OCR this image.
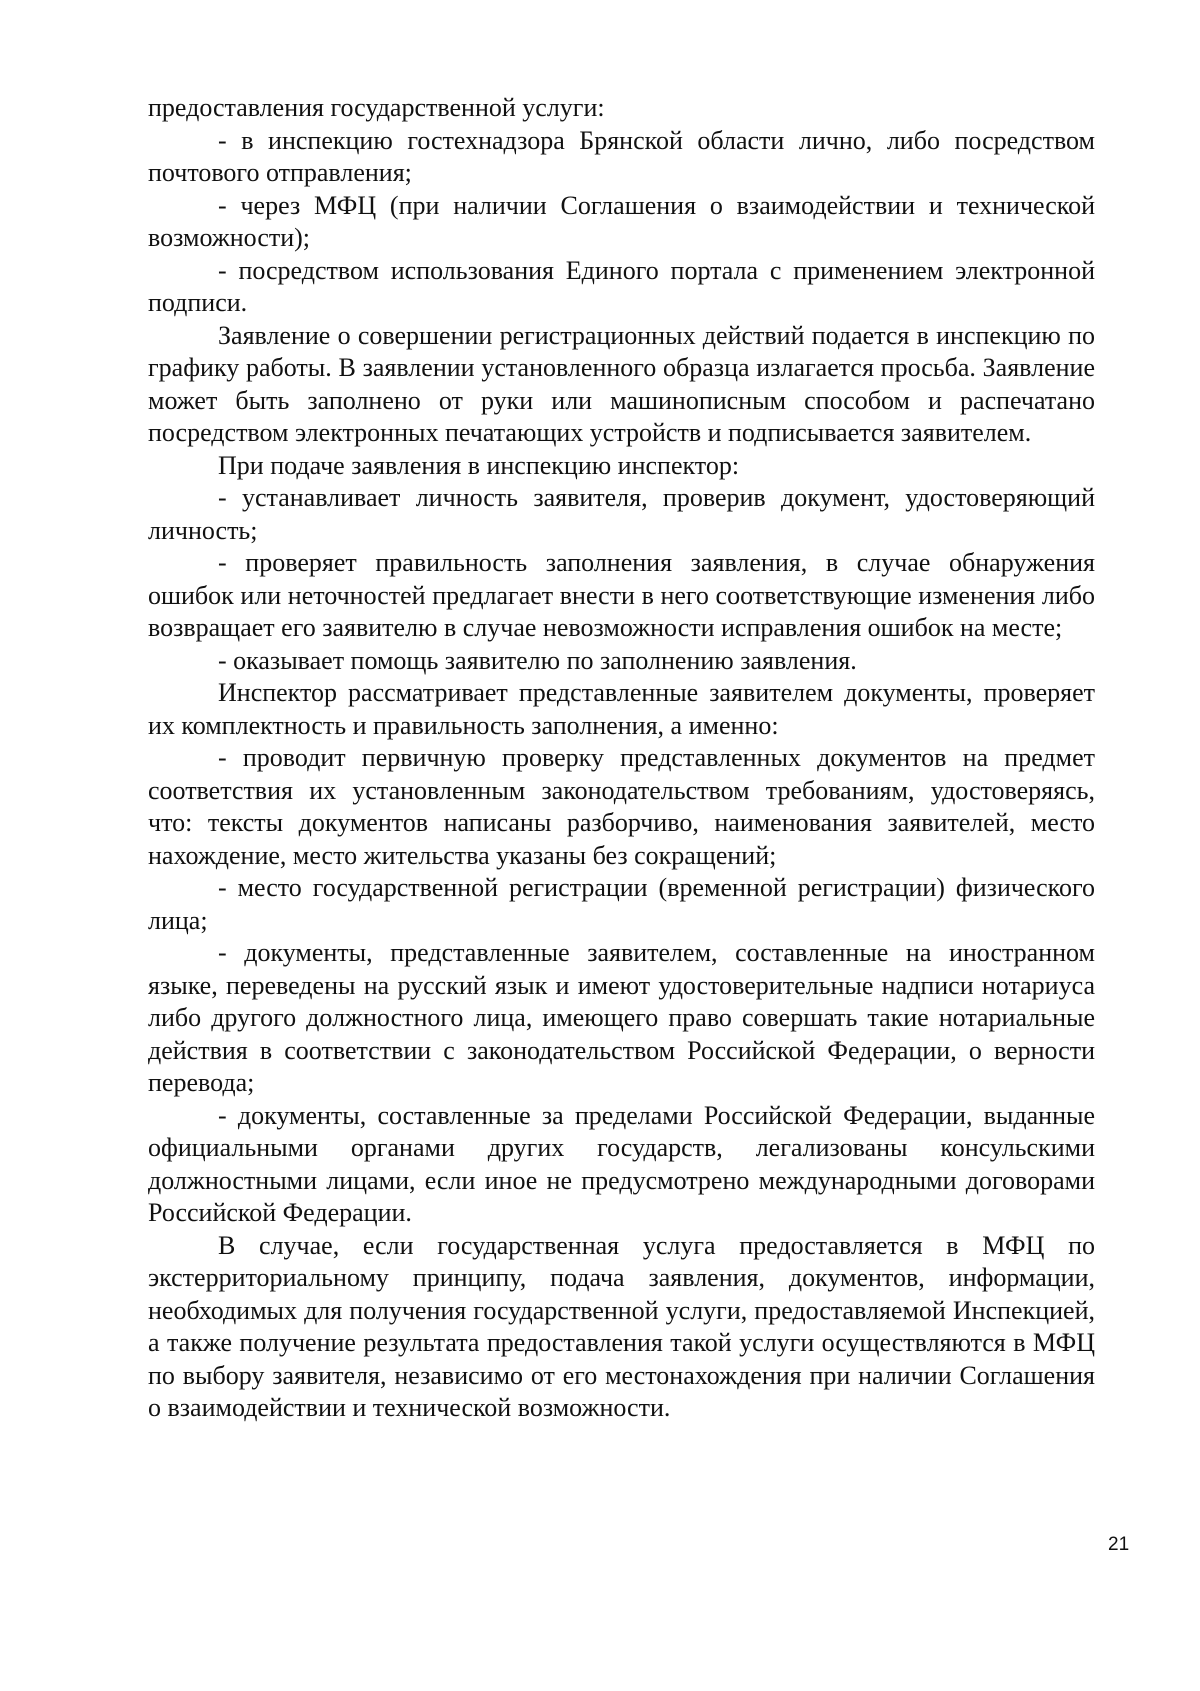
предоставления государственной услуги:

- в инспекцию гостехнадзора Брянской области лично, либо посредством почтового отправления;

- через МФЦ (при наличии Соглашения о взаимодействии и технической возможности);

- посредством использования Единого портала с применением электронной подписи.

Заявление о совершении регистрационных действий подается в инспекцию по графику работы. В заявлении установленного образца излагается просьба. Заявление может быть заполнено от руки или машинописным способом и распечатано посредством электронных печатающих устройств и подписывается заявителем.

При подаче заявления в инспекцию инспектор:

- устанавливает личность заявителя, проверив документ, удостоверяющий личность;

- проверяет правильность заполнения заявления, в случае обнаружения ошибок или неточностей предлагает внести в него соответствующие изменения либо возвращает его заявителю в случае невозможности исправления ошибок на месте;

- оказывает помощь заявителю по заполнению заявления.

Инспектор рассматривает представленные заявителем документы, проверяет их комплектность и правильность заполнения, а именно:

- проводит первичную проверку представленных документов на предмет соответствия их установленным законодательством требованиям, удостоверяясь, что: тексты документов написаны разборчиво, наименования заявителей, место нахождение, место жительства указаны без сокращений;

- место государственной регистрации (временной регистрации) физического лица;

- документы, представленные заявителем, составленные на иностранном языке, переведены на русский язык и имеют удостоверительные надписи нотариуса либо другого должностного лица, имеющего право совершать такие нотариальные действия в соответствии с законодательством Российской Федерации, о верности перевода;

- документы, составленные за пределами Российской Федерации, выданные официальными органами других государств, легализованы консульскими должностными лицами, если иное не предусмотрено международными договорами Российской Федерации.

В случае, если государственная услуга предоставляется в МФЦ по экстерриториальному принципу, подача заявления, документов, информации, необходимых для получения государственной услуги, предоставляемой Инспекцией, а также получение результата предоставления такой услуги осуществляются в МФЦ по выбору заявителя, независимо от его местонахождения при наличии Соглашения о взаимодействии и технической возможности.

21
